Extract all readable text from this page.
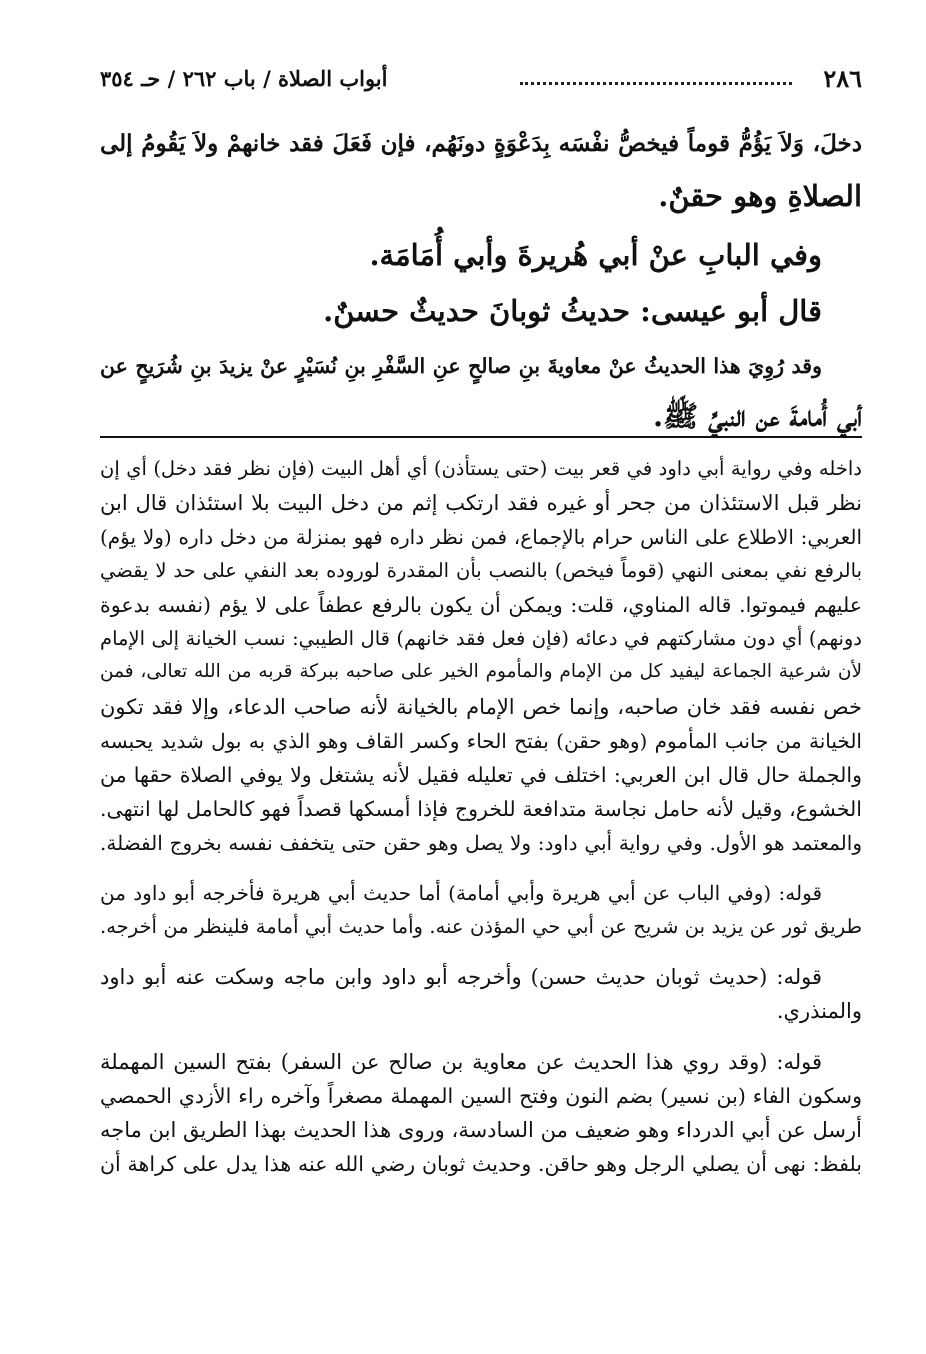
٢٨٦
أبواب الصلاة / باب ٢٦٢ / حـ ٣٥٤
دخلَ، وَلاَ يَؤُمُّ قوماً فيخصُّ نفْسَه بِدَعْوَةٍ دونَهُم، فإن فَعَلَ فقد خانهمْ ولاَ يَقُومُ إلى
الصلاةِ وهو حقنٌ.
وفي البابِ عنْ أبي هُريرةَ وأبي أُمَامَة.
قال أبو عيسى: حديثُ ثوبانَ حديثٌ حسنٌ.
وقد رُوِيَ هذا الحديثُ عنْ معاويةَ بنِ صالحٍ عنِ السَّفْرِ بنِ نُسَيْرٍ عنْ يزيدَ بنِ شُرَيحٍ عن
أبي أُمامةَ عن النبيِّ ﷺ.
داخله وفي رواية أبي داود في قعر بيت (حتى يستأذن) أي أهل البيت (فإن نظر فقد دخل) أي إن
نظر قبل الاستئذان من جحر أو غيره فقد ارتكب إثم من دخل البيت بلا استئذان قال ابن
العربي: الاطلاع على الناس حرام بالإجماع، فمن نظر داره فهو بمنزلة من دخل داره (ولا يؤم)
بالرفع نفي بمعنى النهي (قوماً فيخص) بالنصب بأن المقدرة لوروده بعد النفي على حد لا يقضي
عليهم فيموتوا. قاله المناوي، قلت: ويمكن أن يكون بالرفع عطفاً على لا يؤم (نفسه بدعوة
دونهم) أي دون مشاركتهم في دعائه (فإن فعل فقد خانهم) قال الطيبي: نسب الخيانة إلى الإمام
لأن شرعية الجماعة ليفيد كل من الإمام والمأموم الخير على صاحبه ببركة قربه من الله تعالى، فمن
خص نفسه فقد خان صاحبه، وإنما خص الإمام بالخيانة لأنه صاحب الدعاء، وإلا فقد تكون
الخيانة من جانب المأموم (وهو حقن) بفتح الحاء وكسر القاف وهو الذي به بول شديد يحبسه
والجملة حال قال ابن العربي: اختلف في تعليله فقيل لأنه يشتغل ولا يوفي الصلاة حقها من
الخشوع، وقيل لأنه حامل نجاسة متدافعة للخروج فإذا أمسكها قصداً فهو كالحامل لها انتهى.
والمعتمد هو الأول. وفي رواية أبي داود: ولا يصل وهو حقن حتى يتخفف نفسه بخروج الفضلة.
قوله: (وفي الباب عن أبي هريرة وأبي أمامة) أما حديث أبي هريرة فأخرجه أبو داود من
طريق ثور عن يزيد بن شريح عن أبي حي المؤذن عنه. وأما حديث أبي أمامة فلينظر من أخرجه.
قوله: (حديث ثوبان حديث حسن) وأخرجه أبو داود وابن ماجه وسكت عنه أبو داود
والمنذري.
قوله: (وقد روي هذا الحديث عن معاوية بن صالح عن السفر) بفتح السين المهملة
وسكون الفاء (بن نسير) بضم النون وفتح السين المهملة مصغراً وآخره راء الأزدي الحمصي
أرسل عن أبي الدرداء وهو ضعيف من السادسة، وروى هذا الحديث بهذا الطريق ابن ماجه
بلفظ: نهى أن يصلي الرجل وهو حاقن. وحديث ثوبان رضي الله عنه هذا يدل على كراهة أن
